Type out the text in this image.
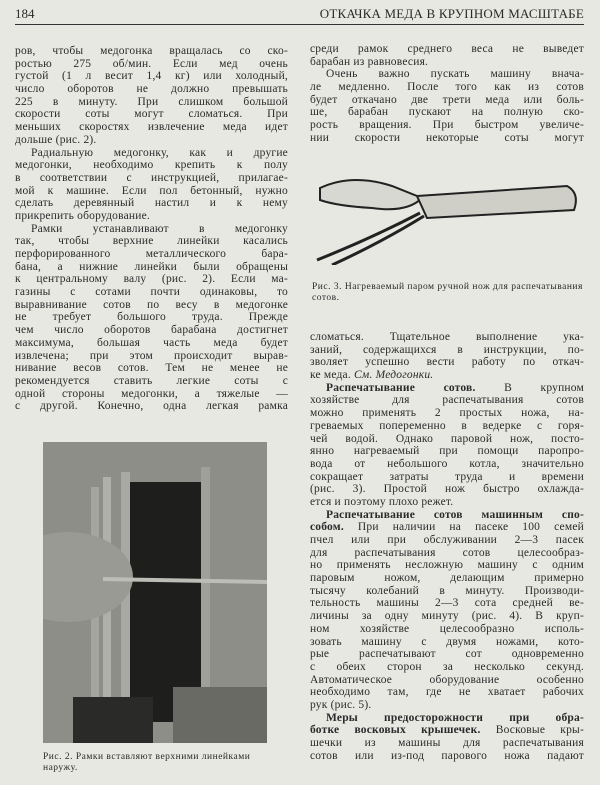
184	ОТКАЧКА МЕДА В КРУПНОМ МАСШТАБЕ
ров, чтобы медогонка вращалась со ско-
ростью 275 об/мин. Если мед очень
густой (1 л весит 1,4 кг) или холодный,
число оборотов не должно превышать
225 в минуту. При слишком большой
скорости соты могут сломаться. При
меньших скоростях извлечение меда идет
дольше (рис. 2).
Радиальную медогонку, как и другие
медогонки, необходимо крепить к полу
в соответствии с инструкцией, прилагае-
мой к машине. Если пол бетонный, нужно
сделать деревянный настил и к нему
прикрепить оборудование.
Рамки устанавливают в медогонку
так, чтобы верхние линейки касались
перфорированного металлического бара-
бана, а нижние линейки были обращены
к центральному валу (рис. 2). Если ма-
газины с сотами почти одинаковы, то
выравнивание сотов по весу в медогонке
не требует большого труда. Прежде
чем число оборотов барабана достигнет
максимума, большая часть меда будет
извлечена; при этом происходит вырав-
нивание весов сотов. Тем не менее не
рекомендуется ставить легкие соты с
одной стороны медогонки, а тяжелые —
с другой. Конечно, одна легкая рамка
Рис. 2. Рамки вставляют верхними линейками наружу.
среди рамок среднего веса не выведет
барабан из равновесия.
Очень важно пускать машину внача-
ле медленно. После того как из сотов
будет откачано две трети меда или боль-
ше, барабан пускают на полную ско-
рость вращения. При быстром увеличе-
нии скорости некоторые соты могут
Рис. 3. Нагреваемый паром ручной нож для распечатывания сотов.
сломаться. Тщательное выполнение ука-
заний, содержащихся в инструкции, по-
зволяет успешно вести работу по откач-
ке меда. См. Медогонки.
Распечатывание сотов. В крупном
хозяйстве для распечатывания сотов
можно применять 2 простых ножа, на-
греваемых попеременно в ведерке с горя-
чей водой. Однако паровой нож, посто-
янно нагреваемый при помощи паропро-
вода от небольшого котла, значительно
сокращает затраты труда и времени
(рис. 3). Простой нож быстро охлажда-
ется и поэтому плохо режет.
Распечатывание сотов машинным спо-
собом. При наличии на пасеке 100 семей
пчел или при обслуживании 2—3 пасек
для распечатывания сотов целесообраз-
но применять несложную машину с одним
паровым ножом, делающим примерно
тысячу колебаний в минуту. Производи-
тельность машины 2—3 сота средней ве-
личины за одну минуту (рис. 4). В круп-
ном хозяйстве целесообразно исполь-
зовать машину с двумя ножами, кото-
рые распечатывают сот одновременно
с обеих сторон за несколько секунд.
Автоматическое оборудование особенно
необходимо там, где не хватает рабочих
рук (рис. 5).
Меры предосторожности при обра-
ботке восковых крышечек. Восковые кры-
шечки из машины для распечатывания
сотов или из-под парового ножа падают
